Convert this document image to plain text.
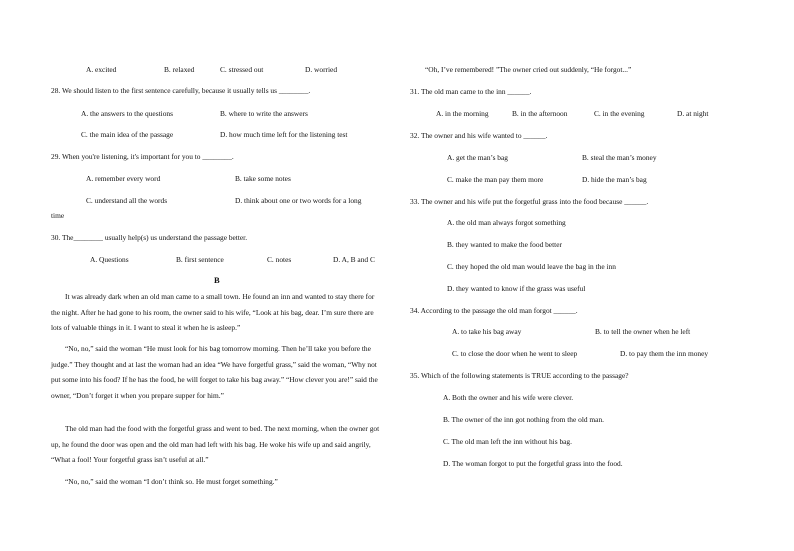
A. excited	B. relaxed	C. stressed out	D. worried
28. We should listen to the first sentence carefully, because it usually tells us ________.
A. the answers to the questions	B. where to write the answers
C. the main idea of the passage	D. how much time left for the listening test
29. When you're listening, it's important for you to ________.
A. remember every word	B. take some notes
C. understand all the words	D. think about one or two words for a long
time
30. The________ usually help(s) us understand the passage better.
A. Questions	B. first sentence	C. notes	D. A, B and C
B
It was already dark when an old man came to a small town. He found an inn and wanted to stay there for the night. After he had gone to his room, the owner said to his wife, “Look at his bag, dear. I’m sure there are lots of valuable things in it. I want to steal it when he is asleep.”
“No, no,” said the woman “He must look for his bag tomorrow morning. Then he’ll take you before the judge.” They thought and at last the woman had an idea “We have forgetful grass,” said the woman, “Why not put some into his food? If he has the food, he will forget to take his bag away.” “How clever you are!” said the owner, “Don’t forget it when you prepare supper for him.”
The old man had the food with the forgetful grass and went to bed. The next morning, when the owner got up, he found the door was open and the old man had left with his bag. He woke his wife up and said angrily, “What a fool! Your forgetful grass isn’t useful at all.”
“No, no,” said the woman “I don’t think so. He must forget something.”
“Oh, I’ve remembered! ”The owner cried out suddenly, “He forgot...”
31. The old man came to the inn ______.
A. in the morning	B. in the afternoon	C. in the evening	D. at night
32. The owner and his wife wanted to ______.
A. get the man’s bag	B. steal the man’s money
C. make the man pay them more	D. hide the man’s bag
33. The owner and his wife put the forgetful grass into the food because ______.
A. the old man always forgot something
B. they wanted to make the food better
C. they hoped the old man would leave the bag in the inn
D. they wanted to know if the grass was useful
34. According to the passage the old man forgot ______.
A. to take his bag away	B. to tell the owner when he left
C. to close the door when he went to sleep	D. to pay them the inn money
35. Which of the following statements is TRUE according to the passage?
A. Both the owner and his wife were clever.
B. The owner of the inn got nothing from the old man.
C. The old man left the inn without his bag.
D. The woman forgot to put the forgetful grass into the food.
